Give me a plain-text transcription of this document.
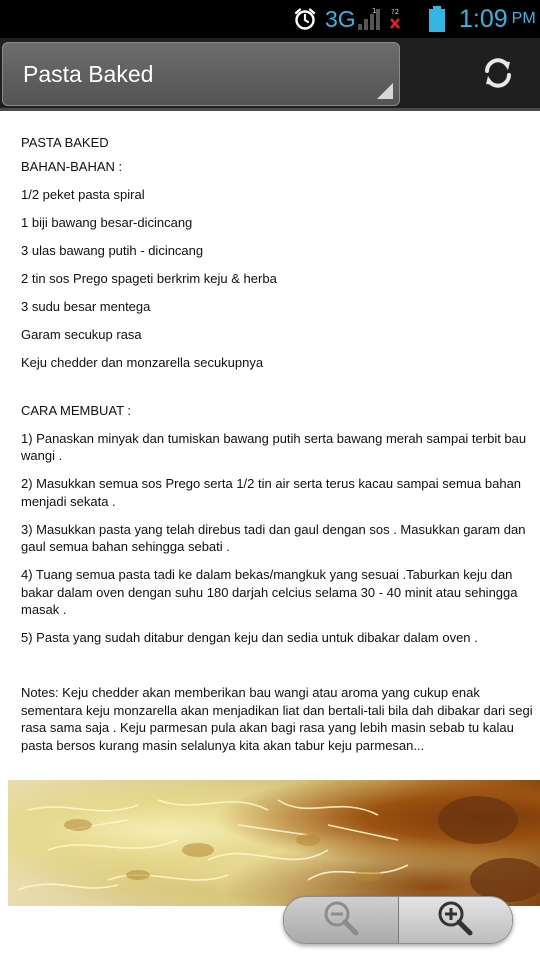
3G 1 ?2 1:09 PM
Pasta Baked

PASTA BAKED

BAHAN-BAHAN :

1/2 peket pasta spiral

1 biji bawang besar-dicincang

3 ulas bawang putih - dicincang

2 tin sos Prego spageti berkrim keju & herba

3 sudu besar mentega

Garam secukup rasa

Keju chedder dan monzarella secukupnya

CARA MEMBUAT :

1) Panaskan minyak dan tumiskan bawang putih serta bawang merah sampai terbit bau wangi .

2) Masukkan semua sos Prego serta 1/2 tin air serta terus kacau sampai semua bahan menjadi sekata .

3) Masukkan pasta yang telah direbus tadi dan gaul dengan sos . Masukkan garam dan gaul semua bahan sehingga sebati .

4) Tuang semua pasta tadi ke dalam bekas/mangkuk yang sesuai .Taburkan keju dan bakar dalam oven dengan suhu 180 darjah celcius selama 30 - 40 minit atau sehingga masak .

5) Pasta yang sudah ditabur dengan keju dan sedia untuk dibakar dalam oven .

Notes: Keju chedder akan memberikan bau wangi atau aroma yang cukup enak sementara keju monzarella akan menjadikan liat dan bertali-tali bila dah dibakar dari segi rasa sama saja . Keju parmesan pula akan bagi rasa yang lebih masin sebab tu kalau pasta bersos kurang masin selalunya kita akan tabur keju parmesan...
